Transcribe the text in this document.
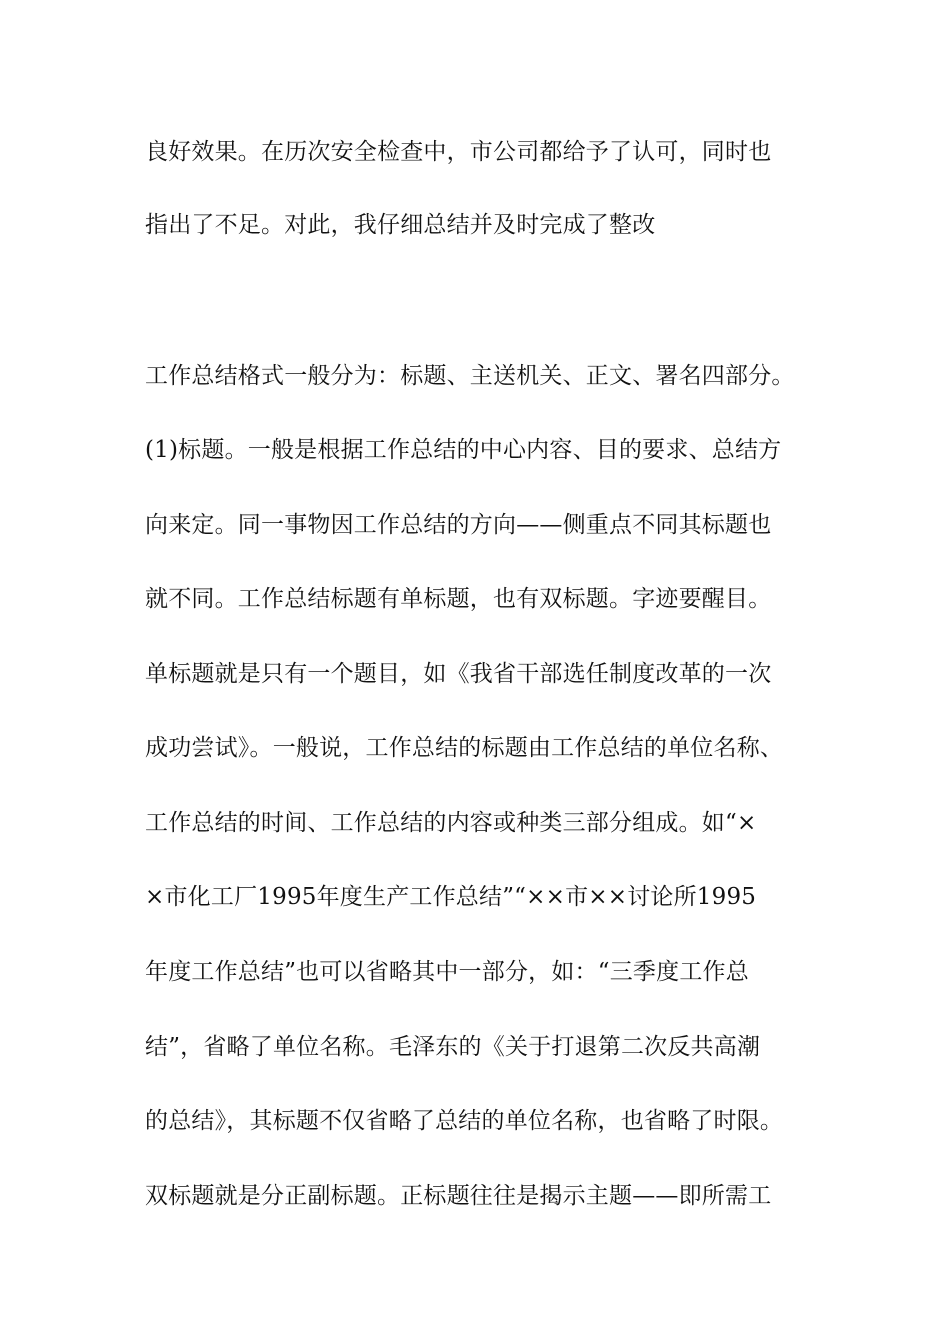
良好效果。在历次安全检查中，市公司都给予了认可，同时也
指出了不足。对此，我仔细总结并及时完成了整改
工作总结格式一般分为：标题、主送机关、正文、署名四部分。
(1)标题。一般是根据工作总结的中心内容、目的要求、总结方
向来定。同一事物因工作总结的方向——侧重点不同其标题也
就不同。工作总结标题有单标题，也有双标题。字迹要醒目。
单标题就是只有一个题目，如《我省干部选任制度改革的一次
成功尝试》。一般说，工作总结的标题由工作总结的单位名称、
工作总结的时间、工作总结的内容或种类三部分组成。如“×
×市化工厂1995年度生产工作总结”“××市××讨论所1995
年度工作总结”也可以省略其中一部分，如：“三季度工作总
结”，省略了单位名称。毛泽东的《关于打退第二次反共高潮
的总结》，其标题不仅省略了总结的单位名称，也省略了时限。
双标题就是分正副标题。正标题往往是揭示主题——即所需工
